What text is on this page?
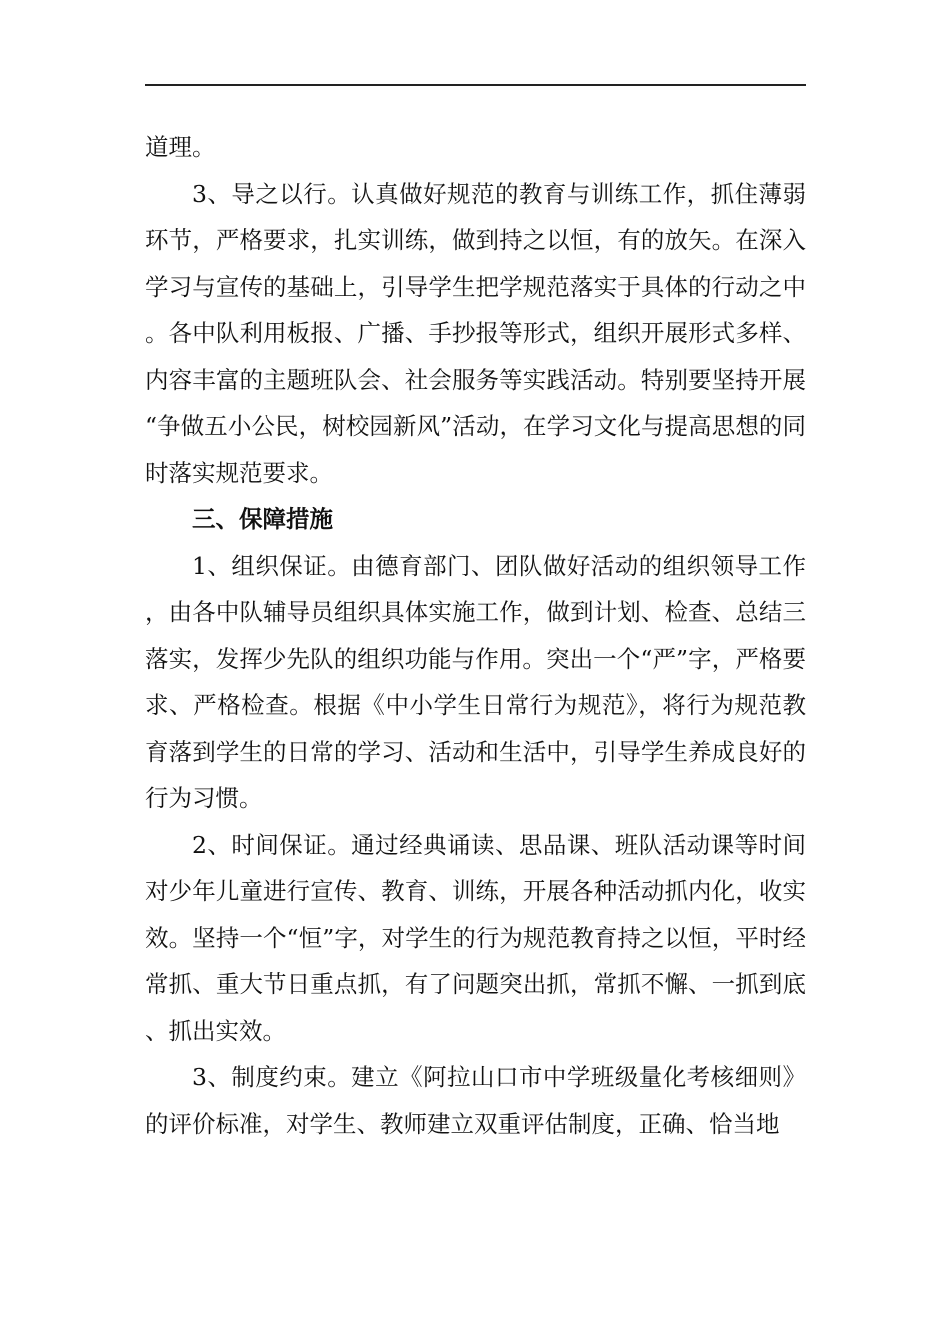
道理。

3、导之以行。认真做好规范的教育与训练工作，抓住薄弱环节，严格要求，扎实训练，做到持之以恒，有的放矢。在深入学习与宣传的基础上，引导学生把学规范落实于具体的行动之中。各中队利用板报、广播、手抄报等形式，组织开展形式多样、内容丰富的主题班队会、社会服务等实践活动。特别要坚持开展“争做五小公民，树校园新风”活动，在学习文化与提高思想的同时落实规范要求。

三、保障措施

1、组织保证。由德育部门、团队做好活动的组织领导工作，由各中队辅导员组织具体实施工作，做到计划、检查、总结三落实，发挥少先队的组织功能与作用。突出一个“严”字，严格要求、严格检查。根据《中小学生日常行为规范》，将行为规范教育落到学生的日常的学习、活动和生活中，引导学生养成良好的行为习惯。

2、时间保证。通过经典诵读、思品课、班队活动课等时间对少年儿童进行宣传、教育、训练，开展各种活动抓内化，收实效。坚持一个“恒”字，对学生的行为规范教育持之以恒，平时经常抓、重大节日重点抓，有了问题突出抓，常抓不懈、一抓到底、抓出实效。

3、制度约束。建立《阿拉山口市中学班级量化考核细则》的评价标准，对学生、教师建立双重评估制度，正确、恰当地
